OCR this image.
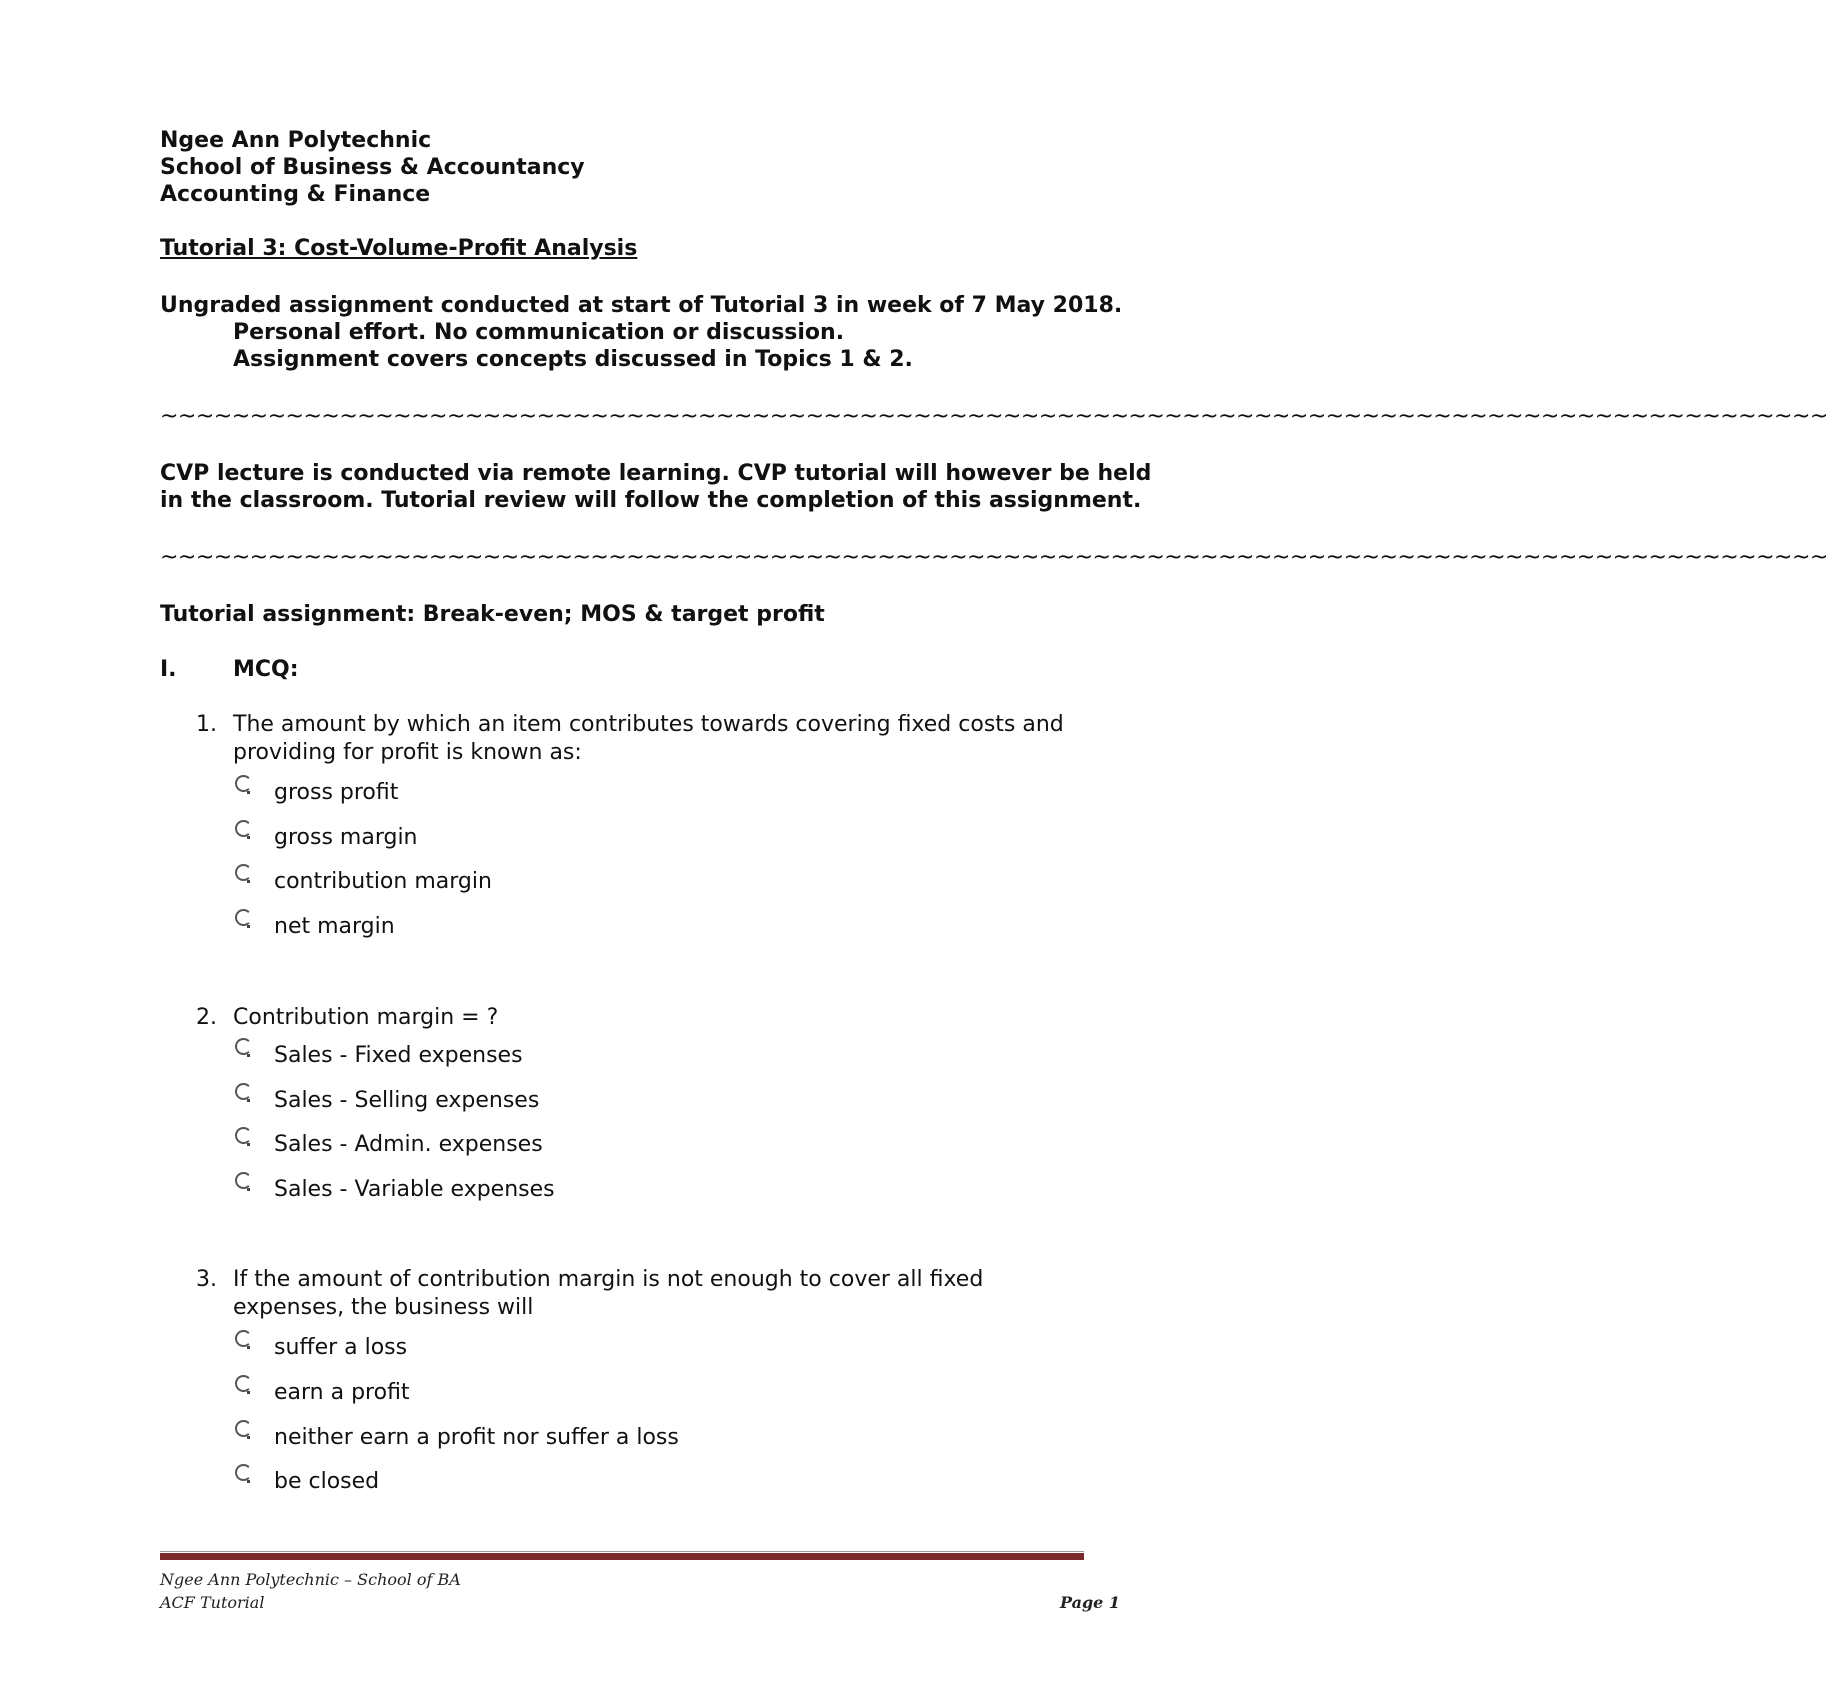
Ngee Ann Polytechnic
School of Business & Accountancy
Accounting & Finance
Tutorial 3: Cost-Volume-Profit Analysis
Ungraded assignment conducted at start of Tutorial 3 in week of 7 May 2018.
Personal effort. No communication or discussion.
Assignment covers concepts discussed in Topics 1 & 2.
~~~~~~~~~~~~~~~~~~~~~~~~~~~~~~~~~~~~~~~~~~~~~~~~~~~~~~~~~~~~~~~~~~~~~~~~~~~~~~~~~~~~~~~~~~~~~
CVP lecture is conducted via remote learning. CVP tutorial will however be held
in the classroom. Tutorial review will follow the completion of this assignment.
~~~~~~~~~~~~~~~~~~~~~~~~~~~~~~~~~~~~~~~~~~~~~~~~~~~~~~~~~~~~~~~~~~~~~~~~~~~~~~~~~~~~~~~~~~~~~
Tutorial assignment: Break-even; MOS & target profit
I.	MCQ:
1. The amount by which an item contributes towards covering fixed costs and providing for profit is known as:
gross profit
gross margin
contribution margin
net margin
2. Contribution margin = ?
Sales - Fixed expenses
Sales - Selling expenses
Sales - Admin. expenses
Sales - Variable expenses
3. If the amount of contribution margin is not enough to cover all fixed expenses, the business will
suffer a loss
earn a profit
neither earn a profit nor suffer a loss
be closed
Ngee Ann Polytechnic – School of BA
ACF Tutorial	Page 1
